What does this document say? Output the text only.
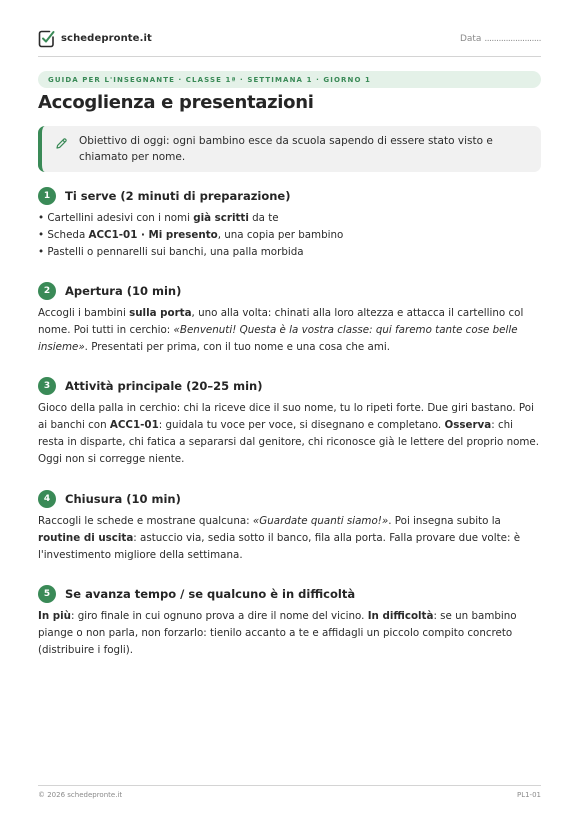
schedepronte.it	Data ........................
GUIDA PER L'INSEGNANTE · CLASSE 1ª · SETTIMANA 1 · GIORNO 1
Accoglienza e presentazioni
Obiettivo di oggi: ogni bambino esce da scuola sapendo di essere stato visto e chiamato per nome.
1	Ti serve (2 minuti di preparazione)
• Cartellini adesivi con i nomi già scritti da te
• Scheda ACC1-01 · Mi presento, una copia per bambino
• Pastelli o pennarelli sui banchi, una palla morbida
2	Apertura (10 min)

Accogli i bambini sulla porta, uno alla volta: chinati alla loro altezza e attacca il cartellino col nome. Poi tutti in cerchio: «Benvenuti! Questa è la vostra classe: qui faremo tante cose belle insieme». Presentati per prima, con il tuo nome e una cosa che ami.

3	Attività principale (20–25 min)

Gioco della palla in cerchio: chi la riceve dice il suo nome, tu lo ripeti forte. Due giri bastano. Poi ai banchi con ACC1-01: guidala tu voce per voce, si disegnano e completano. Osserva: chi resta in disparte, chi fatica a separarsi dal genitore, chi riconosce già le lettere del proprio nome. Oggi non si corregge niente.

4	Chiusura (10 min)

Raccogli le schede e mostrane qualcuna: «Guardate quanti siamo!». Poi insegna subito la routine di uscita: astuccio via, sedia sotto il banco, fila alla porta. Falla provare due volte: è l'investimento migliore della settimana.

5	Se avanza tempo / se qualcuno è in difficoltà

In più: giro finale in cui ognuno prova a dire il nome del vicino. In difficoltà: se un bambino piange o non parla, non forzarlo: tienilo accanto a te e affidagli un piccolo compito concreto (distribuire i fogli).

© 2026 schedepronte.it	PL1-01
